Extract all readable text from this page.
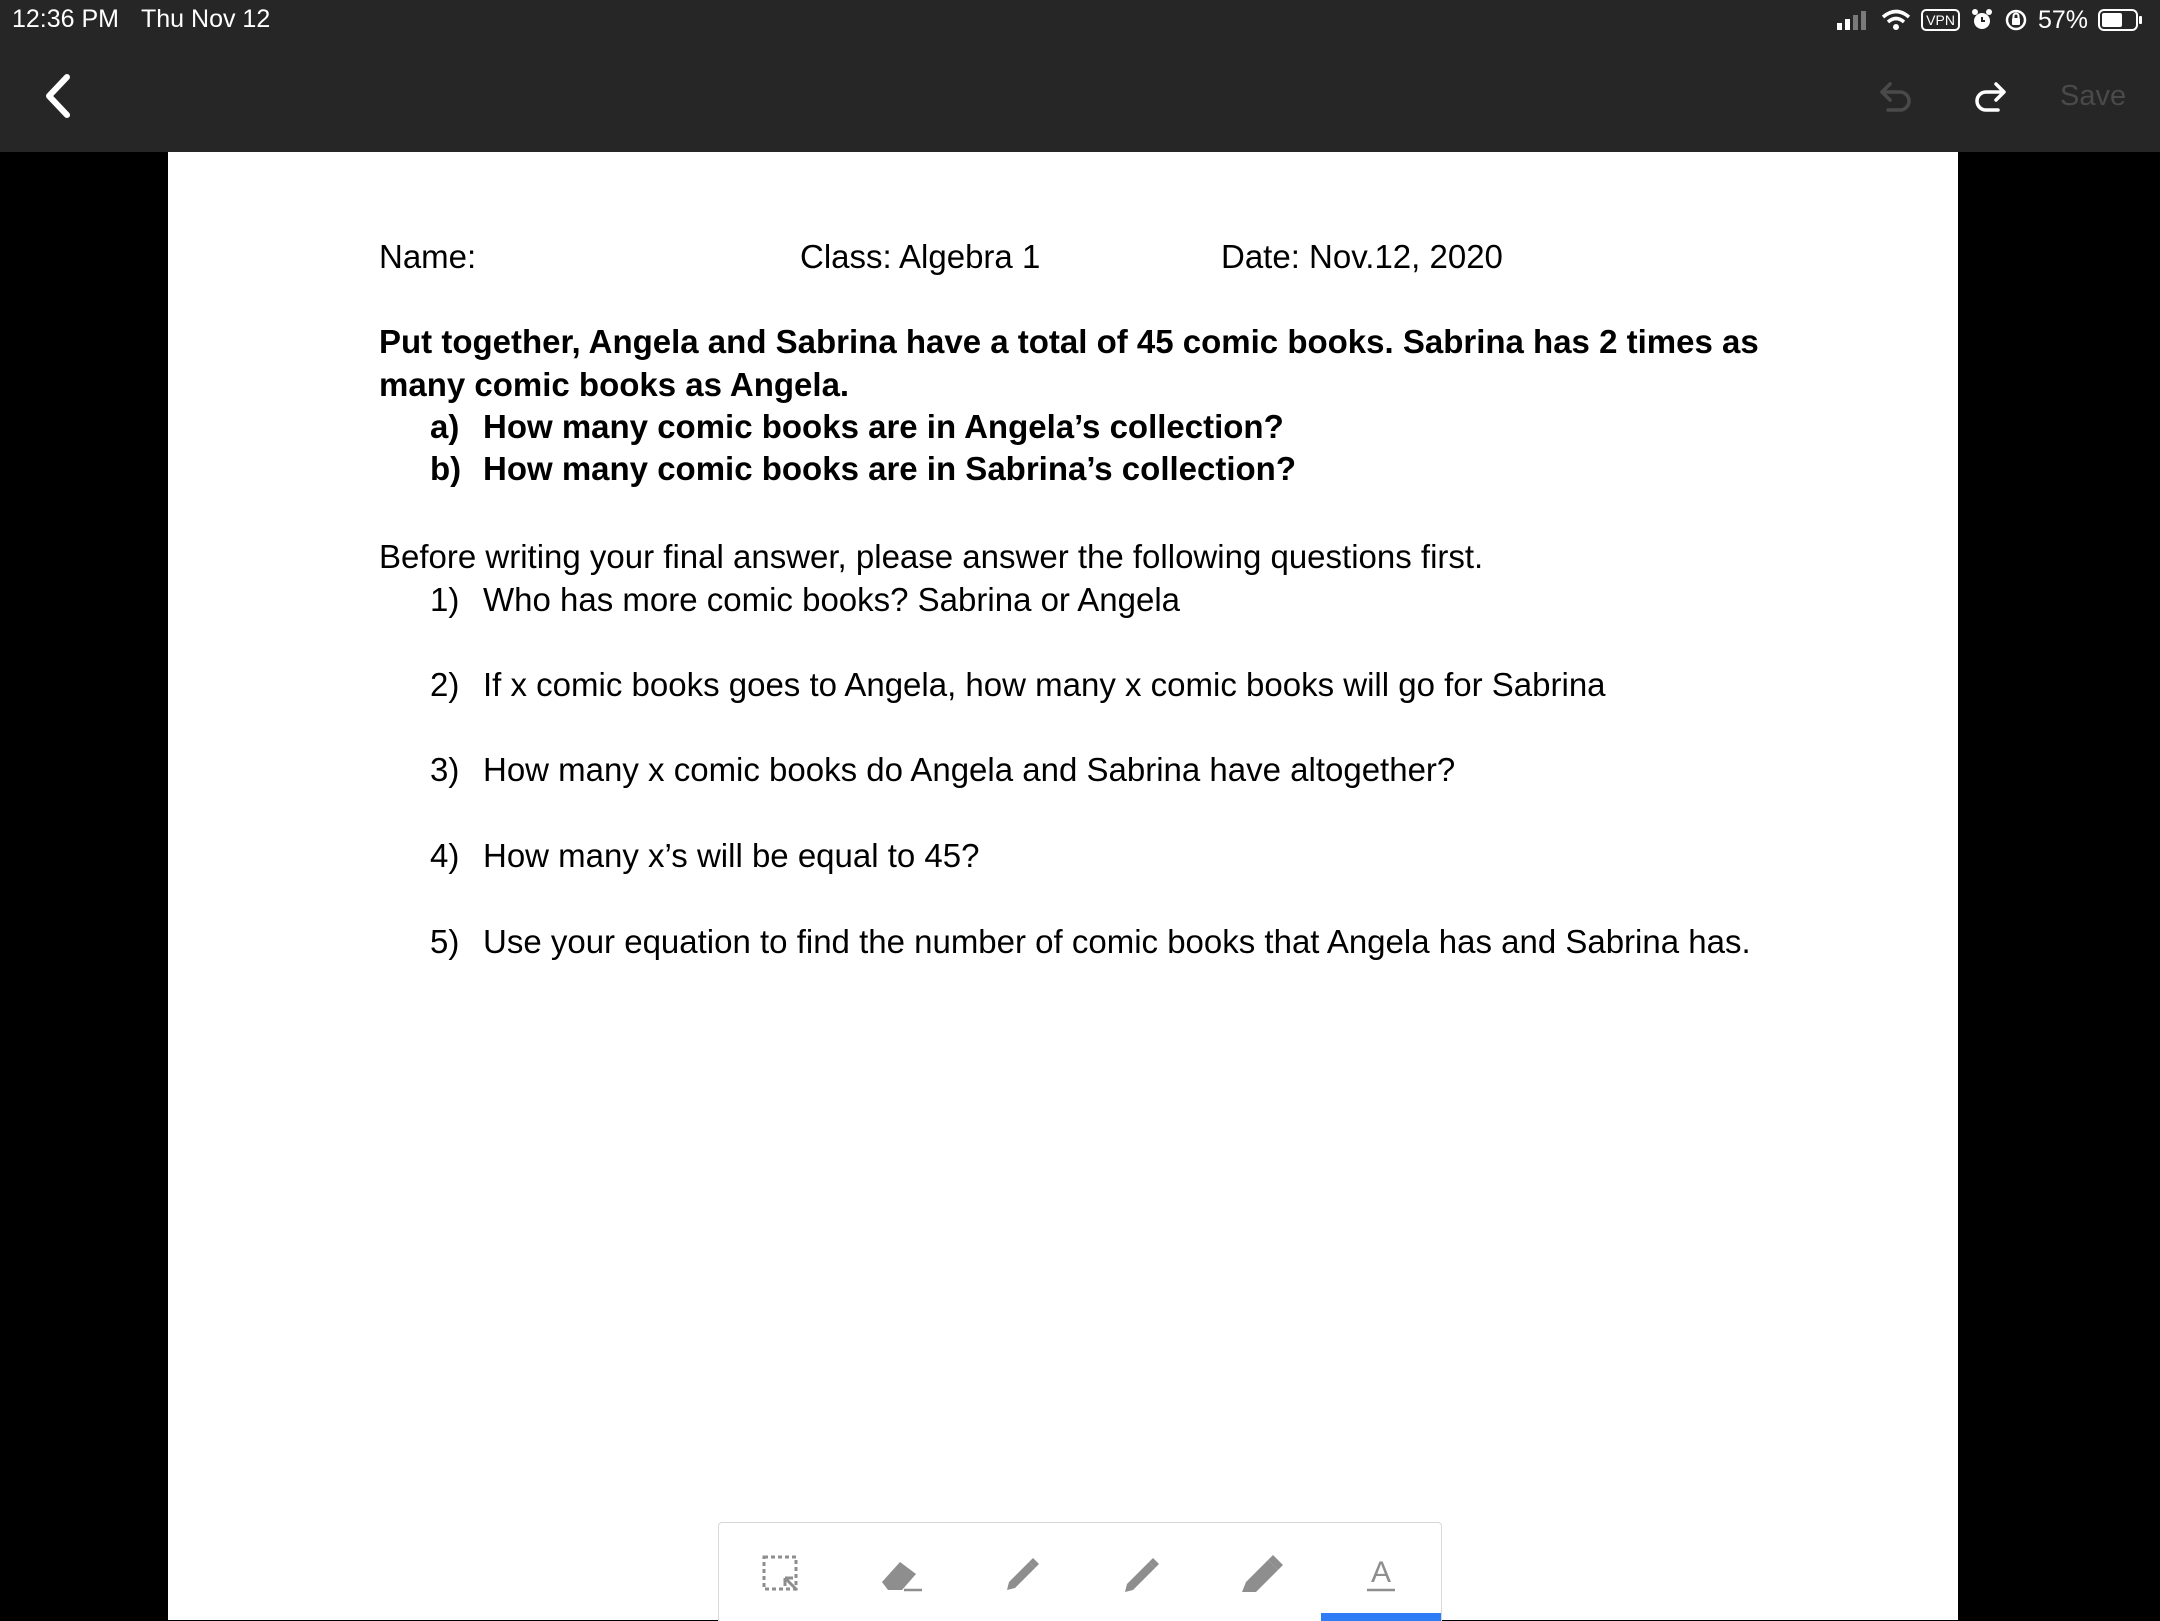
12:36 PM Thu Nov 12	VPN	57%
Save
Name:	Class: Algebra 1	Date: Nov.12, 2020
Put together, Angela and Sabrina have a total of 45 comic books. Sabrina has 2 times as many comic books as Angela.
a) How many comic books are in Angela’s collection?
b) How many comic books are in Sabrina’s collection?
Before writing your final answer, please answer the following questions first.
1) Who has more comic books? Sabrina or Angela
2) If x comic books goes to Angela, how many x comic books will go for Sabrina
3) How many x comic books do Angela and Sabrina have altogether?
4) How many x’s will be equal to 45?
5) Use your equation to find the number of comic books that Angela has and Sabrina has.
A
